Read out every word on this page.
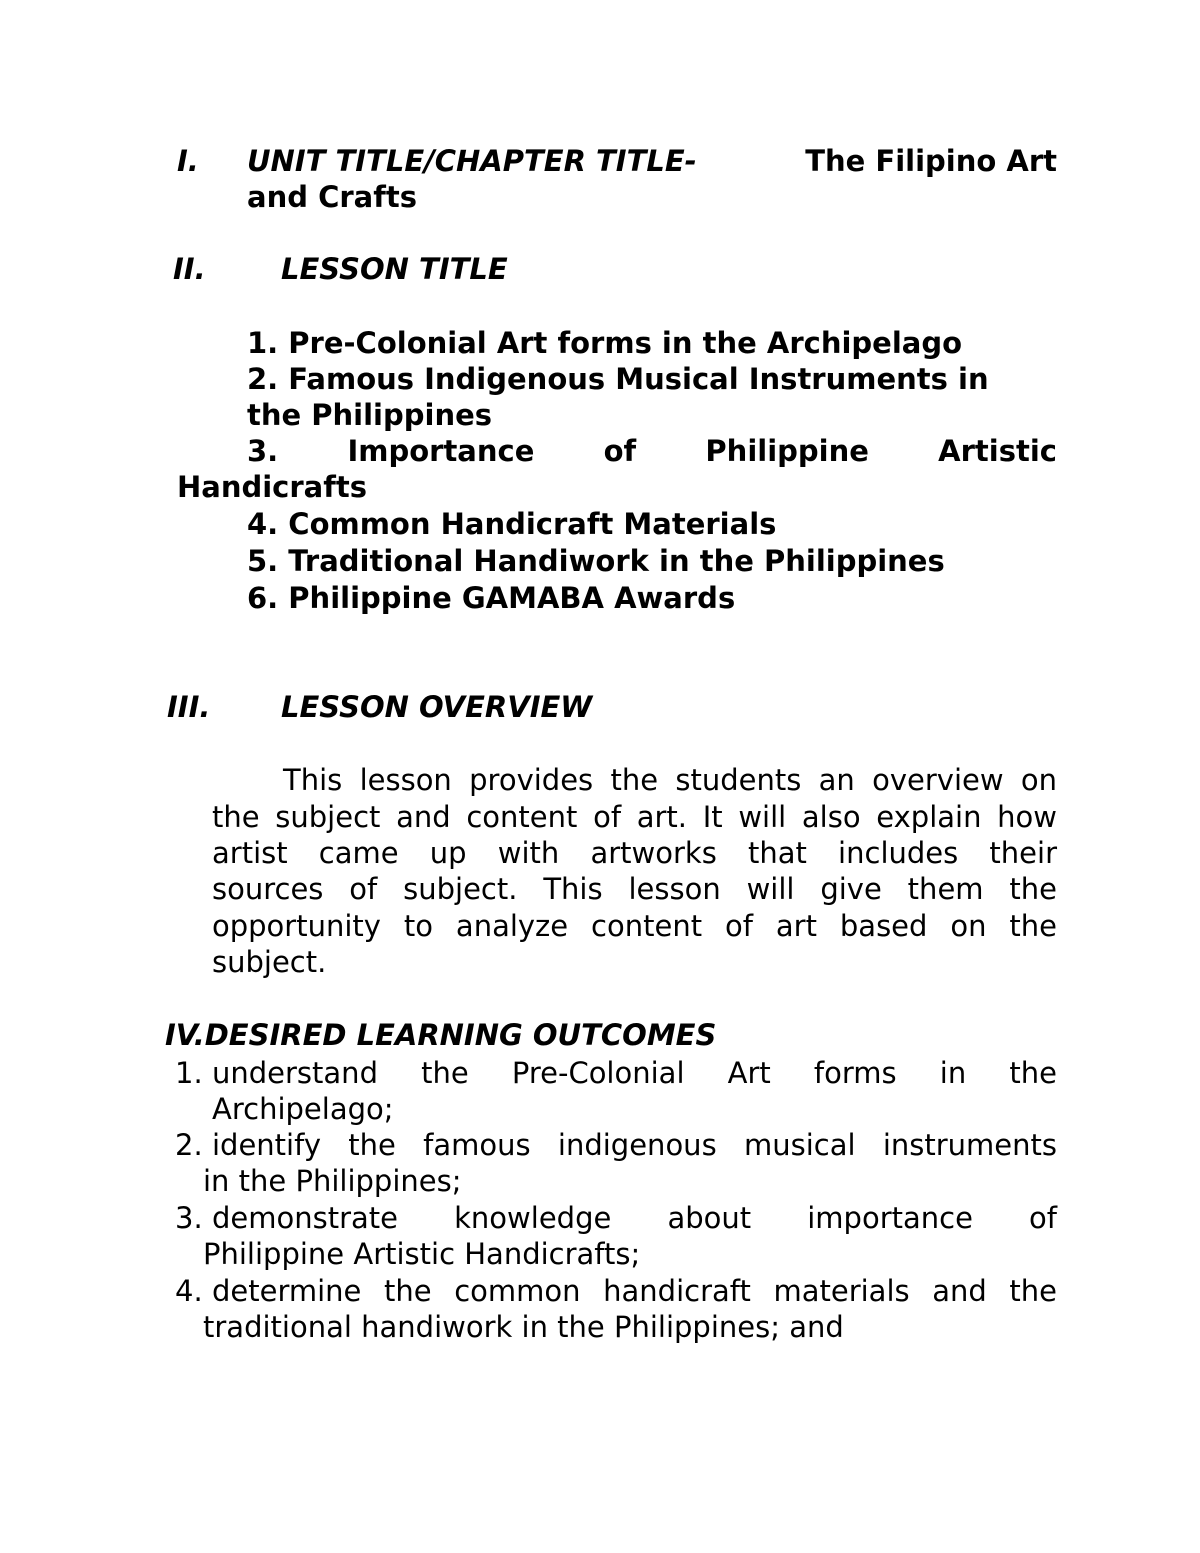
I. UNIT TITLE/CHAPTER TITLE-	The Filipino Art
and Crafts
II.	LESSON TITLE
1. Pre-Colonial Art forms in the Archipelago
2. Famous Indigenous Musical Instruments in
the Philippines
3. Importance of Philippine Artistic
Handicrafts
4. Common Handicraft Materials
5. Traditional Handiwork in the Philippines
6. Philippine GAMABA Awards
III. LESSON OVERVIEW
This lesson provides the students an overview on
the subject and content of art. It will also explain how
artist came up with artworks that includes their
sources of subject. This lesson will give them the
opportunity to analyze content of art based on the
subject.
IV.DESIRED LEARNING OUTCOMES
1. understand the Pre-Colonial Art forms in the
Archipelago;
2. identify the famous indigenous musical instruments
in the Philippines;
3. demonstrate knowledge about importance of
Philippine Artistic Handicrafts;
4. determine the common handicraft materials and the
traditional handiwork in the Philippines; and
